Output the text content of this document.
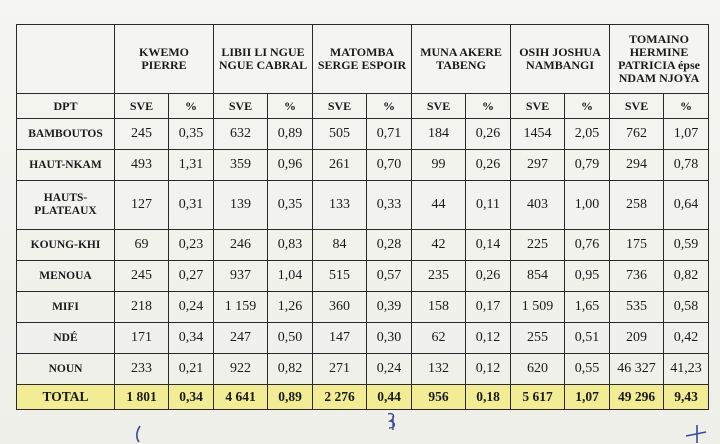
	KWEMO PIERRE		LIBII LI NGUE NGUE CABRAL		MATOMBA SERGE ESPOIR		MUNA AKERE TABENG		OSIH JOSHUA NAMBANGI		TOMAINO HERMINE PATRICIA épse NDAM NJOYA	
DPT	SVE	%	SVE	%	SVE	%	SVE	%	SVE	%	SVE	%
BAMBOUTOS	245	0,35	632	0,89	505	0,71	184	0,26	1454	2,05	762	1,07
HAUT-NKAM	493	1,31	359	0,96	261	0,70	99	0,26	297	0,79	294	0,78
HAUTS-PLATEAUX	127	0,31	139	0,35	133	0,33	44	0,11	403	1,00	258	0,64
KOUNG-KHI	69	0,23	246	0,83	84	0,28	42	0,14	225	0,76	175	0,59
MENOUA	245	0,27	937	1,04	515	0,57	235	0,26	854	0,95	736	0,82
MIFI	218	0,24	1 159	1,26	360	0,39	158	0,17	1 509	1,65	535	0,58
NDÉ	171	0,34	247	0,50	147	0,30	62	0,12	255	0,51	209	0,42
NOUN	233	0,21	922	0,82	271	0,24	132	0,12	620	0,55	46 327	41,23
TOTAL	1 801	0,34	4 641	0,89	2 276	0,44	956	0,18	5 617	1,07	49 296	9,43
